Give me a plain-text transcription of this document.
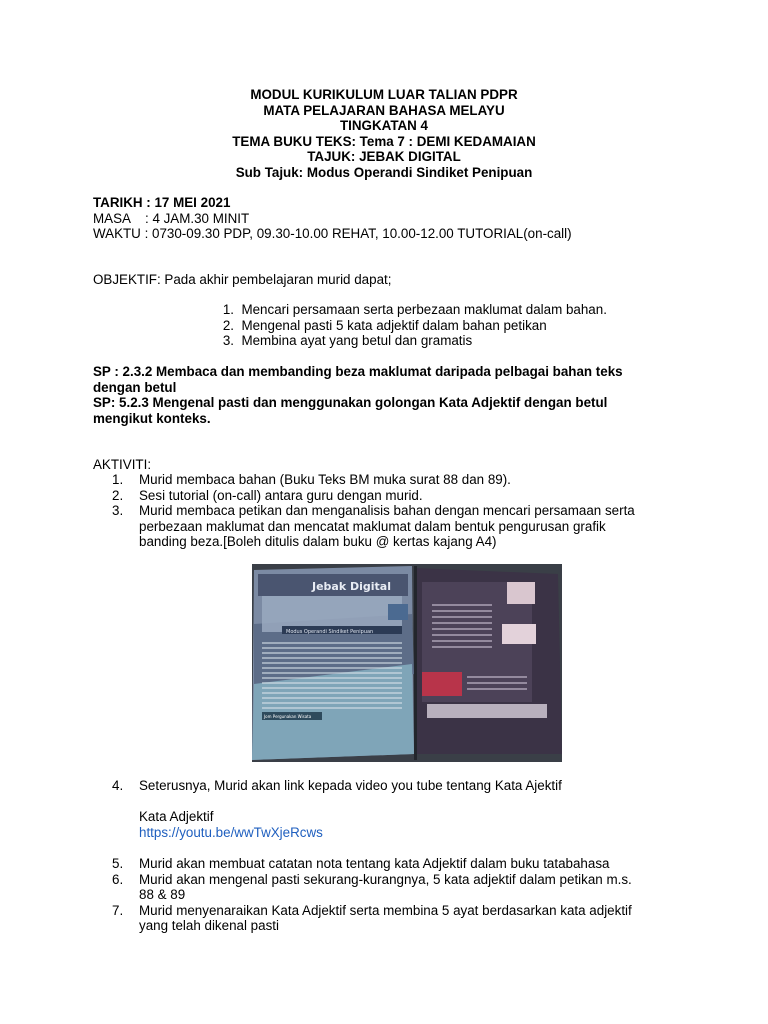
MODUL KURIKULUM LUAR TALIAN PDPR
MATA PELAJARAN BAHASA MELAYU
TINGKATAN 4
TEMA BUKU TEKS: Tema 7 : DEMI KEDAMAIAN
TAJUK: JEBAK DIGITAL
Sub Tajuk: Modus Operandi Sindiket Penipuan
TARIKH : 17 MEI 2021
MASA : 4 JAM.30 MINIT
WAKTU : 0730-09.30 PDP, 09.30-10.00 REHAT, 10.00-12.00 TUTORIAL(on-call)
OBJEKTIF: Pada akhir pembelajaran murid dapat;
1. Mencari persamaan serta perbezaan maklumat dalam bahan.
2. Mengenal pasti 5 kata adjektif dalam bahan petikan
3. Membina ayat yang betul dan gramatis
SP : 2.3.2 Membaca dan membanding beza maklumat daripada pelbagai bahan teks
dengan betul
SP: 5.2.3 Mengenal pasti dan menggunakan golongan Kata Adjektif dengan betul
mengikut konteks.
AKTIVITI:
1. Murid membaca bahan (Buku Teks BM muka surat 88 dan 89).
2. Sesi tutorial (on-call) antara guru dengan murid.
3. Murid membaca petikan dan menganalisis bahan dengan mencari persamaan serta
perbezaan maklumat dan mencatat maklumat dalam bentuk pengurusan grafik
banding beza.[Boleh ditulis dalam buku @ kertas kajang A4)
Jebak Digital
Modus Operandi Sindiket Penipuan
Jom Pergunakan Wisata
4. Seterusnya, Murid akan link kepada video you tube tentang Kata Ajektif
Kata Adjektif
https://youtu.be/wwTwXjeRcws
5. Murid akan membuat catatan nota tentang kata Adjektif dalam buku tatabahasa
6. Murid akan mengenal pasti sekurang-kurangnya, 5 kata adjektif dalam petikan m.s.
88 & 89
7. Murid menyenaraikan Kata Adjektif serta membina 5 ayat berdasarkan kata adjektif
yang telah dikenal pasti
